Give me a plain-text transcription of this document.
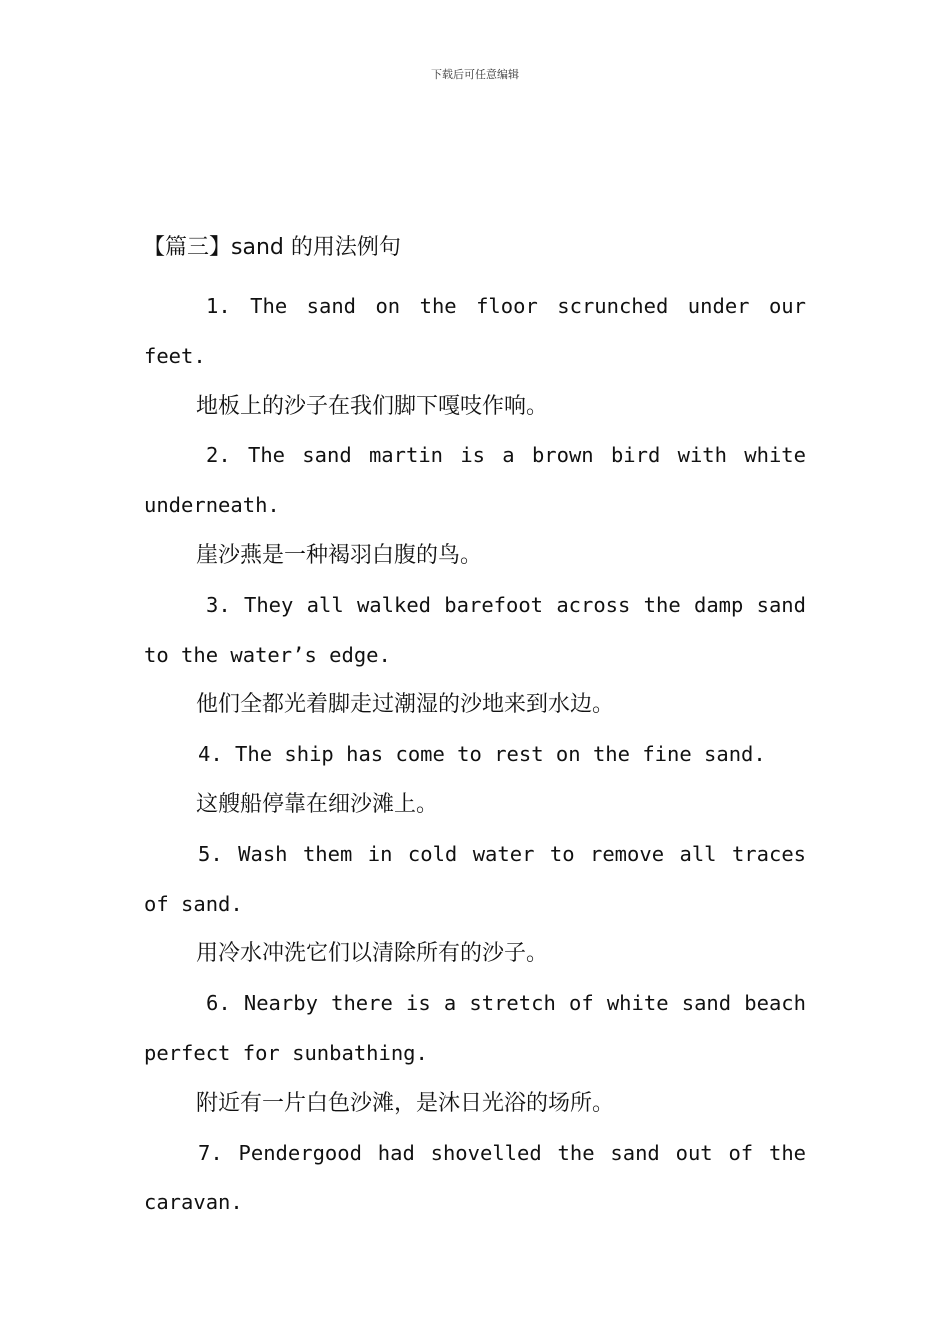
下载后可任意编辑
【篇三】sand 的用法例句

1. The sand on the floor scrunched under our feet.

地板上的沙子在我们脚下嘎吱作响。

2. The sand martin is a brown bird with white underneath.

崖沙燕是一种褐羽白腹的鸟。

3. They all walked barefoot across the damp sand to the water’s edge.

他们全都光着脚走过潮湿的沙地来到水边。

4. The ship has come to rest on the fine sand.

这艘船停靠在细沙滩上。

5. Wash them in cold water to remove all traces of sand.

用冷水冲洗它们以清除所有的沙子。

6. Nearby there is a stretch of white sand beach perfect for sunbathing.

附近有一片白色沙滩，是沐日光浴的场所。

7. Pendergood had shovelled the sand out of the caravan.
